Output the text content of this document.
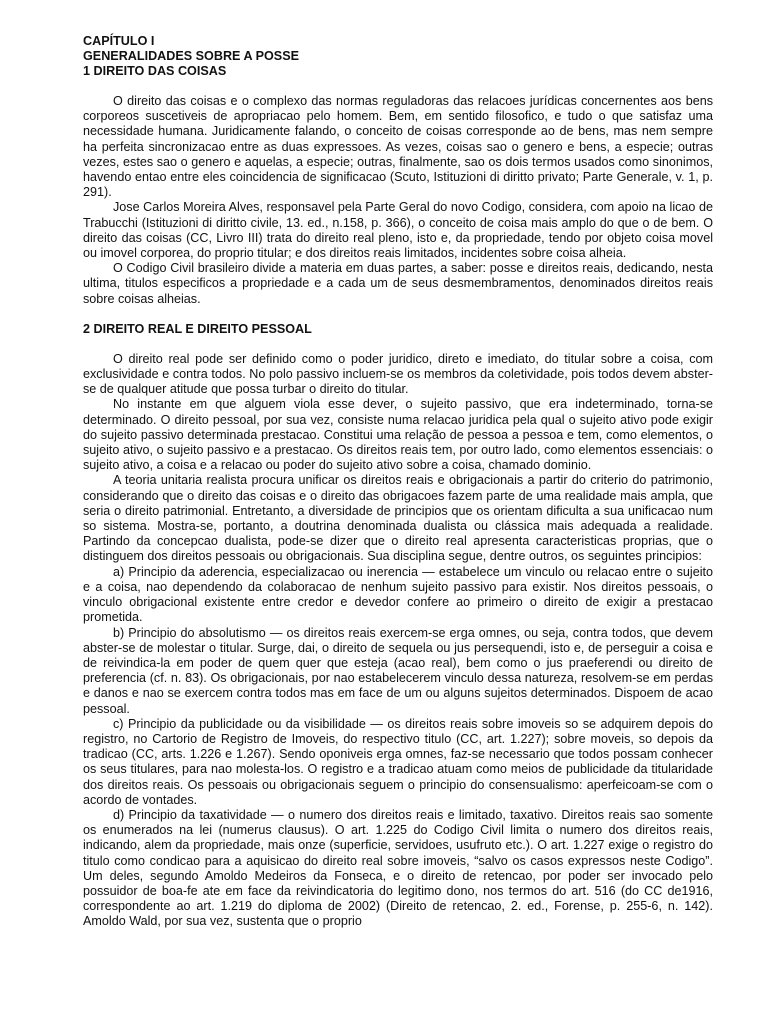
CAPÍTULO I
GENERALIDADES SOBRE A POSSE
1 DIREITO DAS COISAS

O direito das coisas e o complexo das normas reguladoras das relacoes jurídicas concernentes aos bens corporeos suscetiveis de apropriacao pelo homem. Bem, em sentido filosofico, e tudo o que satisfaz uma necessidade humana. Juridicamente falando, o conceito de coisas corresponde ao de bens, mas nem sempre ha perfeita sincronizacao entre as duas expressoes. As vezes, coisas sao o genero e bens, a especie; outras vezes, estes sao o genero e aquelas, a especie; outras, finalmente, sao os dois termos usados como sinonimos, havendo entao entre eles coincidencia de significacao (Scuto, Istituzioni di diritto privato; Parte Generale, v. 1, p. 291).

Jose Carlos Moreira Alves, responsavel pela Parte Geral do novo Codigo, considera, com apoio na licao de Trabucchi (Istituzioni di diritto civile, 13. ed., n.158, p. 366), o conceito de coisa mais amplo do que o de bem. O direito das coisas (CC, Livro III) trata do direito real pleno, isto e, da propriedade, tendo por objeto coisa movel ou imovel corporea, do proprio titular; e dos direitos reais limitados, incidentes sobre coisa alheia.

O Codigo Civil brasileiro divide a materia em duas partes, a saber: posse e direitos reais, dedicando, nesta ultima, titulos especificos a propriedade e a cada um de seus desmembramentos, denominados direitos reais sobre coisas alheias.

2 DIREITO REAL E DIREITO PESSOAL

O direito real pode ser definido como o poder juridico, direto e imediato, do titular sobre a coisa, com exclusividade e contra todos. No polo passivo incluem-se os membros da coletividade, pois todos devem abster-se de qualquer atitude que possa turbar o direito do titular.

No instante em que alguem viola esse dever, o sujeito passivo, que era indeterminado, torna-se determinado. O direito pessoal, por sua vez, consiste numa relacao juridica pela qual o sujeito ativo pode exigir do sujeito passivo determinada prestacao. Constitui uma relação de pessoa a pessoa e tem, como elementos, o sujeito ativo, o sujeito passivo e a prestacao. Os direitos reais tem, por outro lado, como elementos essenciais: o sujeito ativo, a coisa e a relacao ou poder do sujeito ativo sobre a coisa, chamado dominio.

A teoria unitaria realista procura unificar os direitos reais e obrigacionais a partir do criterio do patrimonio, considerando que o direito das coisas e o direito das obrigacoes fazem parte de uma realidade mais ampla, que seria o direito patrimonial. Entretanto, a diversidade de principios que os orientam dificulta a sua unificacao num so sistema. Mostra-se, portanto, a doutrina denominada dualista ou clássica mais adequada a realidade. Partindo da concepcao dualista, pode-se dizer que o direito real apresenta caracteristicas proprias, que o distinguem dos direitos pessoais ou obrigacionais. Sua disciplina segue, dentre outros, os seguintes principios:

a) Principio da aderencia, especializacao ou inerencia — estabelece um vinculo ou relacao entre o sujeito e a coisa, nao dependendo da colaboracao de nenhum sujeito passivo para existir. Nos direitos pessoais, o vinculo obrigacional existente entre credor e devedor confere ao primeiro o direito de exigir a prestacao prometida.

b) Principio do absolutismo — os direitos reais exercem-se erga omnes, ou seja, contra todos, que devem abster-se de molestar o titular. Surge, dai, o direito de sequela ou jus persequendi, isto e, de perseguir a coisa e de reivindica-la em poder de quem quer que esteja (acao real), bem como o jus praeferendi ou direito de preferencia (cf. n. 83). Os obrigacionais, por nao estabelecerem vinculo dessa natureza, resolvem-se em perdas e danos e nao se exercem contra todos mas em face de um ou alguns sujeitos determinados. Dispoem de acao pessoal.

c) Principio da publicidade ou da visibilidade — os direitos reais sobre imoveis so se adquirem depois do registro, no Cartorio de Registro de Imoveis, do respectivo titulo (CC, art. 1.227); sobre moveis, so depois da tradicao (CC, arts. 1.226 e 1.267). Sendo oponiveis erga omnes, faz-se necessario que todos possam conhecer os seus titulares, para nao molesta-los. O registro e a tradicao atuam como meios de publicidade da titularidade dos direitos reais. Os pessoais ou obrigacionais seguem o principio do consensualismo: aperfeicoam-se com o acordo de vontades.

d) Principio da taxatividade — o numero dos direitos reais e limitado, taxativo. Direitos reais sao somente os enumerados na lei (numerus clausus). O art. 1.225 do Codigo Civil limita o numero dos direitos reais, indicando, alem da propriedade, mais onze (superficie, servidoes, usufruto etc.). O art. 1.227 exige o registro do titulo como condicao para a aquisicao do direito real sobre imoveis, “salvo os casos expressos neste Codigo”. Um deles, segundo Amoldo Medeiros da Fonseca, e o direito de retencao, por poder ser invocado pelo possuidor de boa-fe ate em face da reivindicatoria do legitimo dono, nos termos do art. 516 (do CC de1916, correspondente ao art. 1.219 do diploma de 2002) (Direito de retencao, 2. ed., Forense, p. 255-6, n. 142). Amoldo Wald, por sua vez, sustenta que o proprio
